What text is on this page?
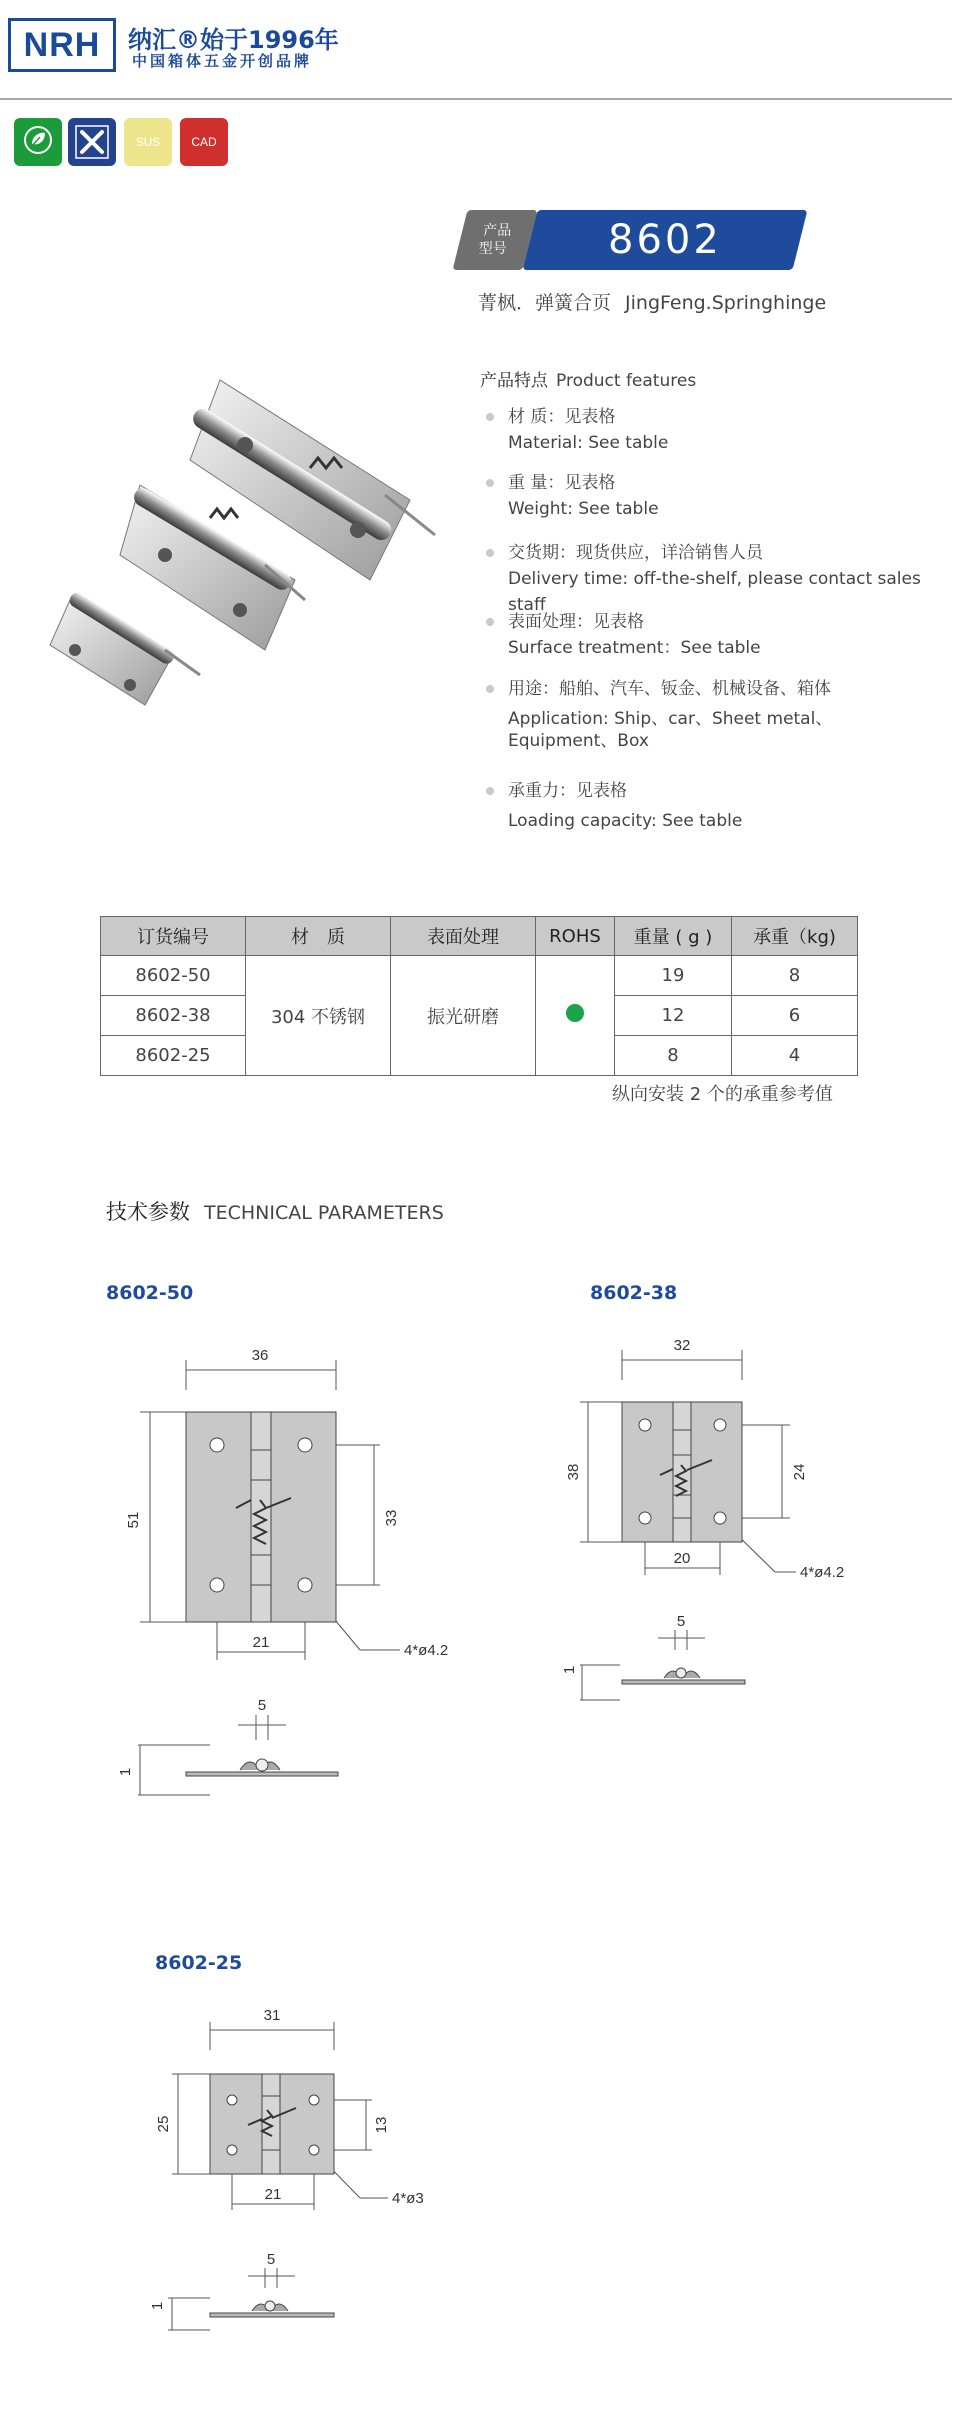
NRH	纳汇®始于1996年
中国箱体五金开创品牌
SUS	CAD
产品
型号	8602
菁枫．弹簧合页 JingFeng.Springhinge
产品特点 Product features
材 质：见表格
Material: See table
重 量：见表格
Weight: See table
交货期：现货供应，详洽销售人员
Delivery time: off-the-shelf, please contact sales staff
表面处理：见表格
Surface treatment：See table
用途：船舶、汽车、钣金、机械设备、箱体
Application: Ship、car、Sheet metal、
Equipment、Box
承重力：见表格
Loading capacity: See table
订货编号	材　质	表面处理	ROHS	重量 ( g )	承重（kg)
8602-50	304 不锈钢	振光研磨		19	8
8602-38				12	6
8602-25				8	4
纵向安装 2 个的承重参考值
技术参数 TECHNICAL PARAMETERS
8602-50
36
51	33
21	4*ø4.2
5
1
8602-38
32
38	24
20
4*ø4.2
5
1
8602-25
31
25	13
21	4*ø3
5
1
